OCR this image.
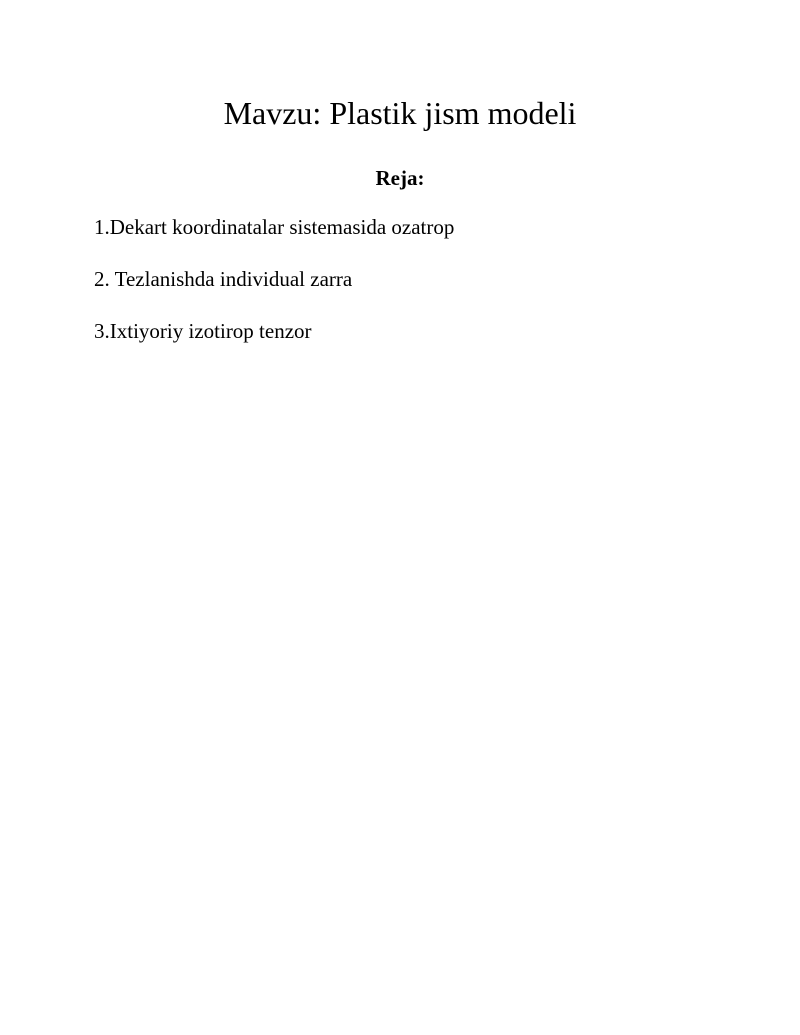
Mavzu: Plastik jism modeli
Reja:
1.Dekart koordinatalar sistemasida ozatrop
2. Tezlanishda individual zarra
3.Ixtiyoriy izotirop tenzor
